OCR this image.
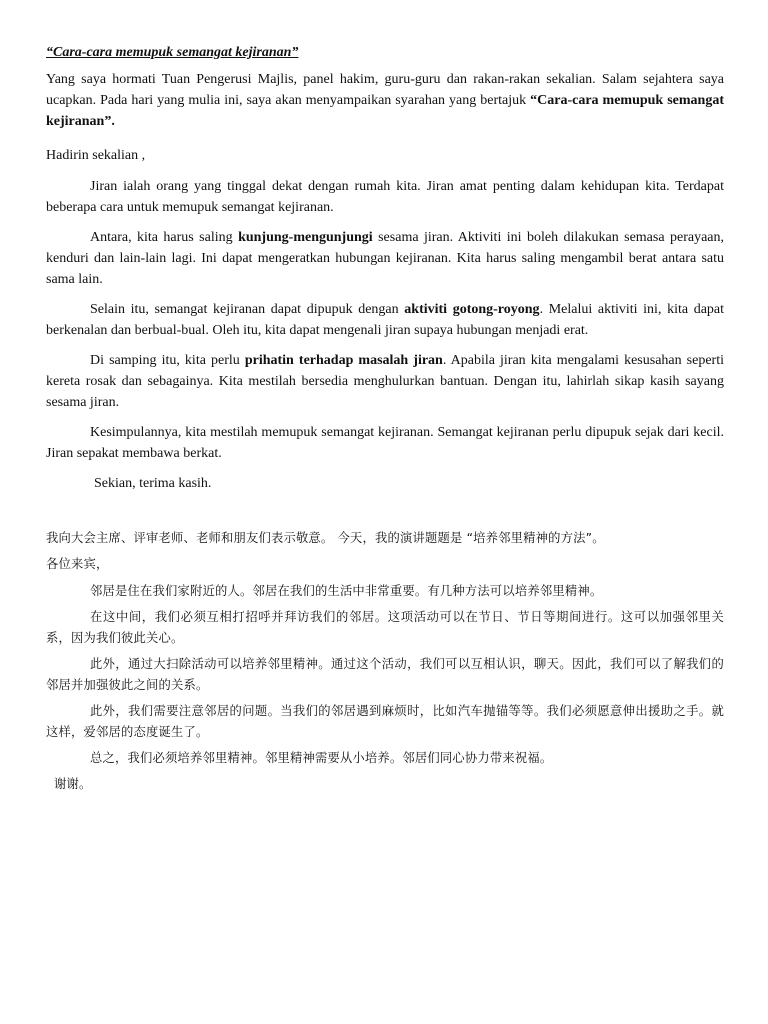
“Cara-cara memupuk semangat kejiranan”

Yang saya hormati Tuan Pengerusi Majlis, panel hakim, guru-guru dan rakan-rakan sekalian. Salam sejahtera saya ucapkan. Pada hari yang mulia ini, saya akan menyampaikan syarahan yang bertajuk “Cara-cara memupuk semangat kejiranan”.

Hadirin sekalian ,

Jiran ialah orang yang tinggal dekat dengan rumah kita. Jiran amat penting dalam kehidupan kita. Terdapat beberapa cara untuk memupuk semangat kejiranan.

Antara, kita harus saling kunjung-mengunjungi sesama jiran. Aktiviti ini boleh dilakukan semasa perayaan, kenduri dan lain-lain lagi. Ini dapat mengeratkan hubungan kejiranan. Kita harus saling mengambil berat antara satu sama lain.

Selain itu, semangat kejiranan dapat dipupuk dengan aktiviti gotong-royong. Melalui aktiviti ini, kita dapat berkenalan dan berbual-bual. Oleh itu, kita dapat mengenali jiran supaya hubungan menjadi erat.

Di samping itu, kita perlu prihatin terhadap masalah jiran. Apabila jiran kita mengalami kesusahan seperti kereta rosak dan sebagainya. Kita mestilah bersedia menghulurkan bantuan. Dengan itu, lahirlah sikap kasih sayang sesama jiran.

Kesimpulannya, kita mestilah memupuk semangat kejiranan. Semangat kejiranan perlu dipupuk sejak dari kecil. Jiran sepakat membawa berkat.

Sekian, terima kasih.

我向大会主席、评审老师、老师和朋友们表示敬意。 今天，我的演讲题题是 “培养邻里精神的方法”。

各位来宾，

邻居是住在我们家附近的人。邻居在我们的生活中非常重要。有几种方法可以培养邻里精神。

在这中间，我们必须互相打招呼并拜访我们的邻居。这项活动可以在节日、节日等期间进行。这可以加强邻里关系，因为我们彼此关心。

此外，通过大扫除活动可以培养邻里精神。通过这个活动，我们可以互相认识，聊天。因此，我们可以了解我们的邻居并加强彼此之间的关系。

此外，我们需要注意邻居的问题。当我们的邻居遇到麻烦时，比如汽车抛锚等等。我们必须愿意伸出援助之手。就这样，爱邻居的态度诞生了。

总之，我们必须培养邻里精神。邻里精神需要从小培养。邻居们同心协力带来祝福。

谢谢。
